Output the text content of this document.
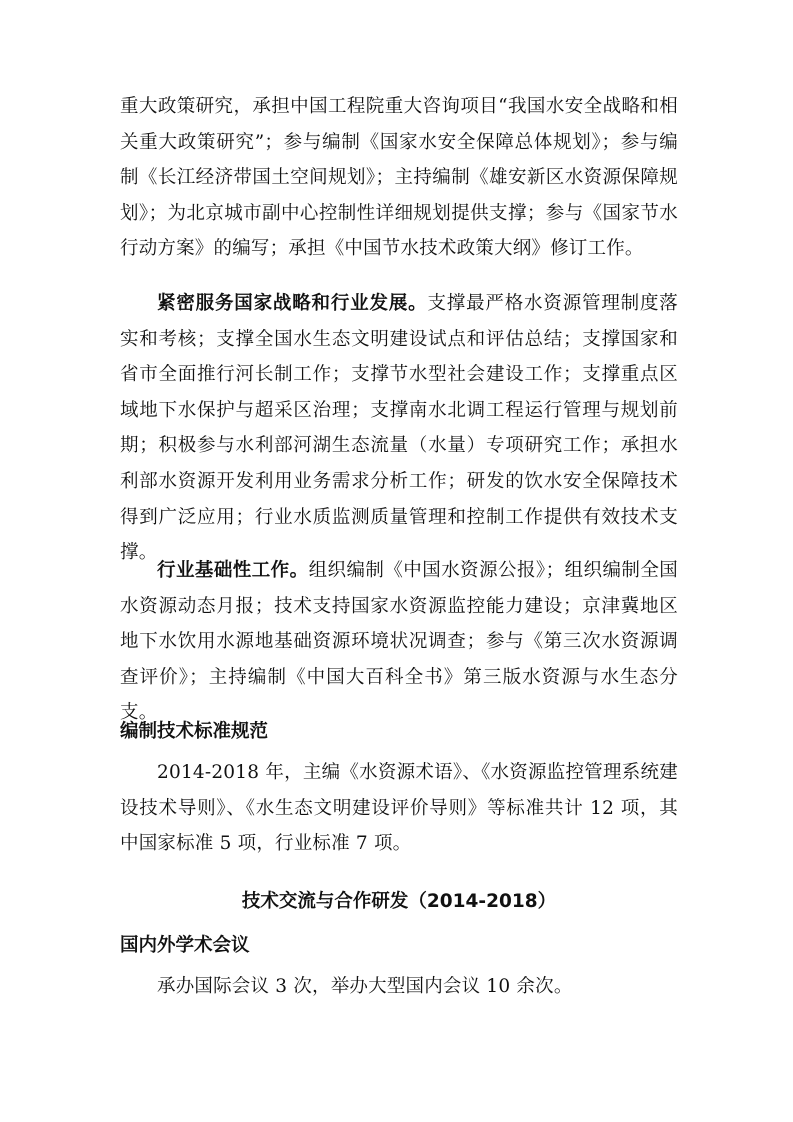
重大政策研究，承担中国工程院重大咨询项目“我国水安全战略和相关重大政策研究”；参与编制《国家水安全保障总体规划》；参与编制《长江经济带国土空间规划》；主持编制《雄安新区水资源保障规划》；为北京城市副中心控制性详细规划提供支撑；参与《国家节水行动方案》的编写；承担《中国节水技术政策大纲》修订工作。

紧密服务国家战略和行业发展。支撑最严格水资源管理制度落实和考核；支撑全国水生态文明建设试点和评估总结；支撑国家和省市全面推行河长制工作；支撑节水型社会建设工作；支撑重点区域地下水保护与超采区治理；支撑南水北调工程运行管理与规划前期；积极参与水利部河湖生态流量（水量）专项研究工作；承担水利部水资源开发利用业务需求分析工作；研发的饮水安全保障技术得到广泛应用；行业水质监测质量管理和控制工作提供有效技术支撑。

行业基础性工作。组织编制《中国水资源公报》；组织编制全国水资源动态月报；技术支持国家水资源监控能力建设；京津冀地区地下水饮用水源地基础资源环境状况调查；参与《第三次水资源调查评价》；主持编制《中国大百科全书》第三版水资源与水生态分支。

编制技术标准规范

2014-2018 年，主编《水资源术语》、《水资源监控管理系统建设技术导则》、《水生态文明建设评价导则》等标准共计 12 项，其中国家标准 5 项，行业标准 7 项。

技术交流与合作研发（2014-2018）
国内外学术会议

承办国际会议 3 次，举办大型国内会议 10 余次。
